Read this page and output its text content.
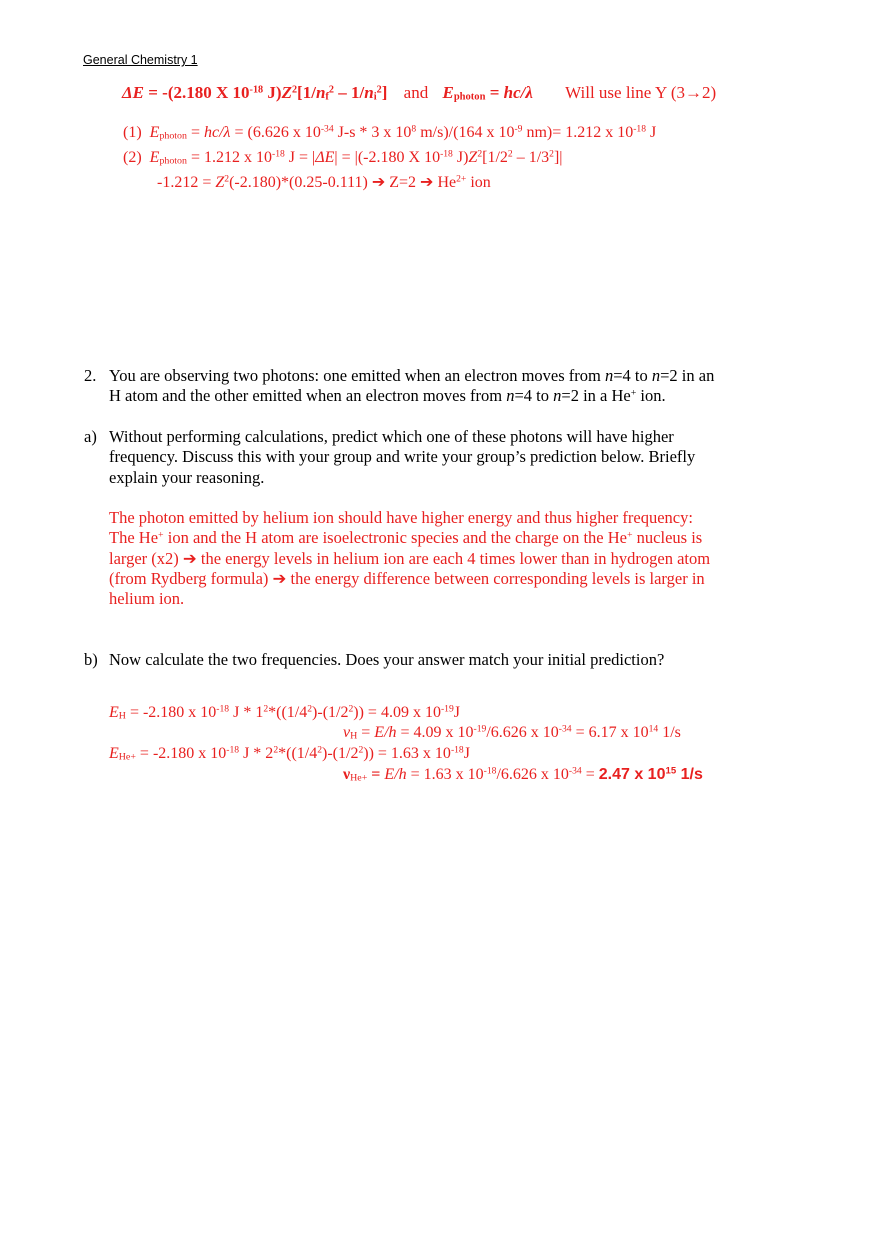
General Chemistry 1
ΔE = -(2.180 X $10^{-18}$ $J)Z^2[1/n_f^2 - 1/n_i^2]$ and $E_{photon} = hc/\lambda$ Will use line Y (3→2)
(1) $E_{photon} = hc/\lambda = (6.626$ x $10^{-34}$ J-s * 3 x $10^8$ m/s)/(164 x $10^{-9}$ nm)= 1.212 x $10^{-18}$ J
(2) $E_{photon} = 1.212$ x $10^{-18}$ J = |ΔE| = |(-2.180 X $10^{-18}$ $J)Z^2[1/2^2 - 1/3^2]|$
$-1.212 = Z^2(-2.180)*(0.25-0.111)$ ➔ Z=2 ➔ $He^{2+}$ ion
2. You are observing two photons: one emitted when an electron moves from n=4 to n=2 in an

H atom and the other emitted when an electron moves from n=4 to n=2 in a He+ ion.

a) Without performing calculations, predict which one of these photons will have higher

frequency. Discuss this with your group and write your group’s prediction below. Briefly

explain your reasoning.

The photon emitted by helium ion should have higher energy and thus higher frequency:

The He+ ion and the H atom are isoelectronic species and the charge on the He+ nucleus is

larger (x2) ➔ the energy levels in helium ion are each 4 times lower than in hydrogen atom

(from Rydberg formula) ➔ the energy difference between corresponding levels is larger in

helium ion.

b) Now calculate the two frequencies. Does your answer match your initial prediction?
$E_H = -2.180$ x $10^{-18}$ $J * 1^2*((1/4^2)-(1/2^2)) = 4.09$ x $10^{-19}J$
$\nu_H = E/h = 4.09$ x $10^{-19}/6.626$ x $10^{-34} = 6.17$ x $10^{14}$ 1/s
$E_{He+} = -2.180$ x $10^{-18}$ $J * 2^2*((1/4^2)-(1/2^2)) = 1.63$ x $10^{-18}J$
$\nu_{He+} = E/h = 1.63$ x $10^{-18}/6.626$ x $10^{-34} = 2.47$ x $10^{15}$ 1/s
